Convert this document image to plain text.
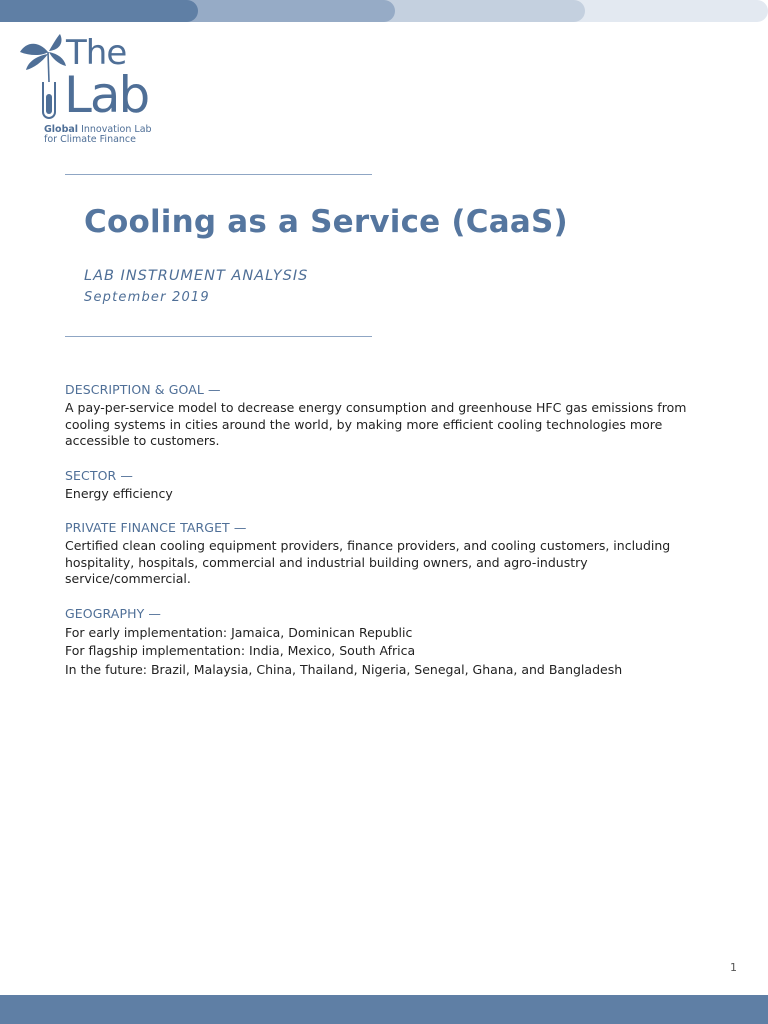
The
Lab
Global Innovation Lab
for Climate Finance
Cooling as a Service (CaaS)
LAB INSTRUMENT ANALYSIS
September 2019
DESCRIPTION & GOAL —
A pay-per-service model to decrease energy consumption and greenhouse HFC gas emissions from cooling systems in cities around the world, by making more efficient cooling technologies more accessible to customers.
SECTOR —
Energy efficiency
PRIVATE FINANCE TARGET —
Certified clean cooling equipment providers, finance providers, and cooling customers, including hospitality, hospitals, commercial and industrial building owners, and agro-industry service/commercial.
GEOGRAPHY —

For early implementation: Jamaica, Dominican Republic

For flagship implementation: India, Mexico, South Africa

In the future: Brazil, Malaysia, China, Thailand, Nigeria, Senegal, Ghana, and Bangladesh

1
